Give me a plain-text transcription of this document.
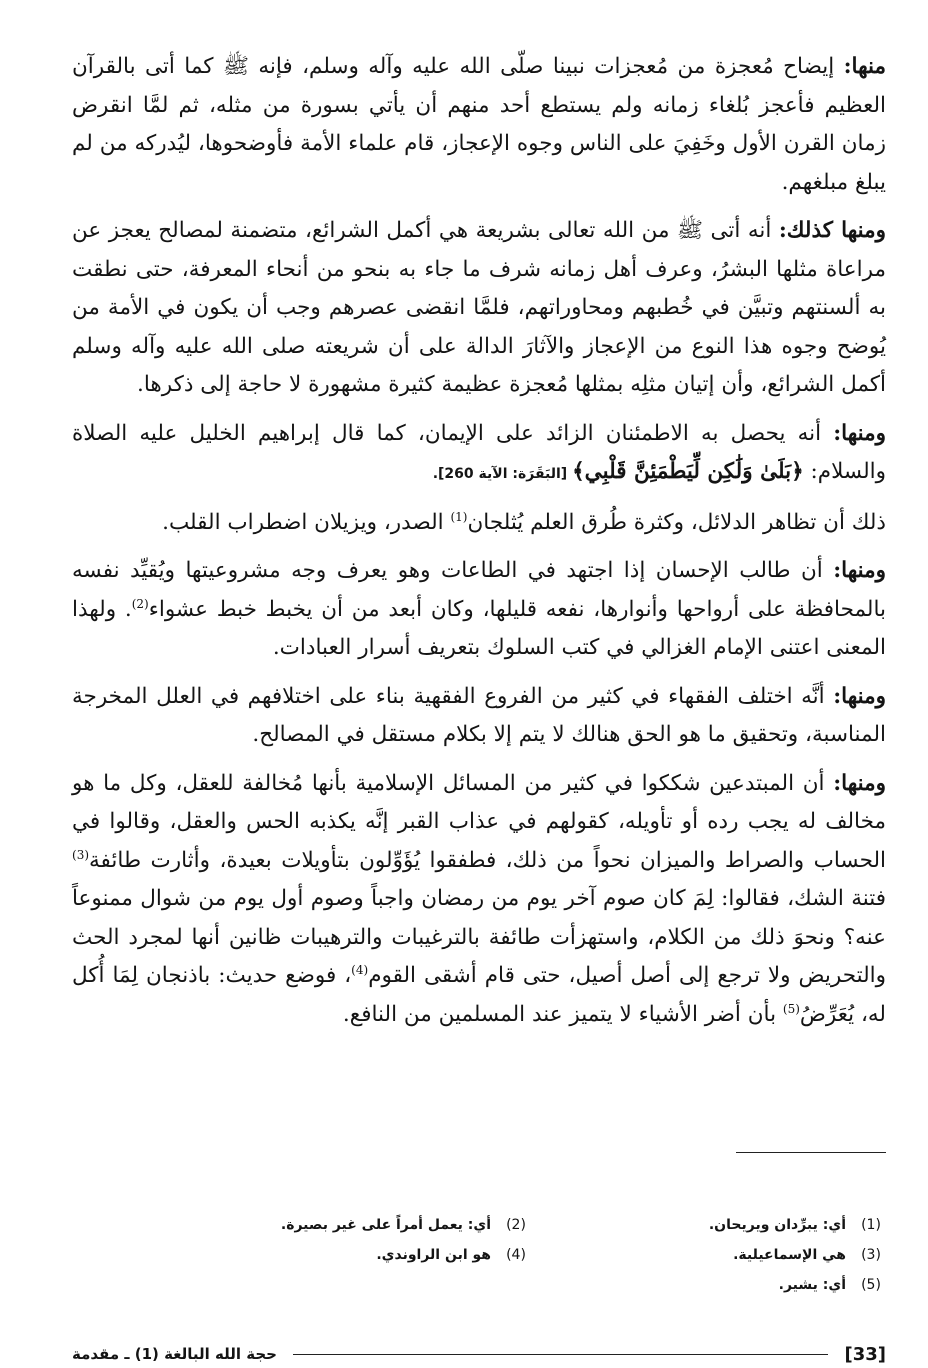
منها: إيضاح مُعجزة من مُعجزات نبينا صلّى الله عليه وآله وسلم، فإنه ﷺ كما أتى بالقرآن العظيم فأعجز بُلغاء زمانه ولم يستطع أحد منهم أن يأتي بسورة من مثله، ثم لمَّا انقرض زمان القرن الأول وخَفِيَ على الناس وجوه الإعجاز، قام علماء الأمة فأوضحوها، ليُدركه من لم يبلغ مبلغهم.

ومنها كذلك: أنه أتى ﷺ من الله تعالى بشريعة هي أكمل الشرائع، متضمنة لمصالح يعجز عن مراعاة مثلها البشرُ، وعرف أهل زمانه شرف ما جاء به بنحو من أنحاء المعرفة، حتى نطقت به ألسنتهم وتبيَّن في خُطبهم ومحاوراتهم، فلمَّا انقضى عصرهم وجب أن يكون في الأمة من يُوضح وجوه هذا النوع من الإعجاز والآثارَ الدالة على أن شريعته صلى الله عليه وآله وسلم أكمل الشرائع، وأن إتيان مثلِه بمثلها مُعجزة عظيمة كثيرة مشهورة لا حاجة إلى ذكرها.

ومنها: أنه يحصل به الاطمئنان الزائد على الإيمان، كما قال إبراهيم الخليل عليه الصلاة والسلام: ﴿بَلَىٰ وَلَٰكِن لِّيَطْمَئِنَّ قَلْبِي﴾ [البَقَرَة: الآية 260].

ذلك أن تظاهر الدلائل، وكثرة طُرق العلم يُثلجان$^{(1)}$ الصدر، ويزيلان اضطراب القلب.

ومنها: أن طالب الإحسان إذا اجتهد في الطاعات وهو يعرف وجه مشروعيتها ويُقيِّد نفسه بالمحافظة على أرواحها وأنوارها، نفعه قليلها، وكان أبعد من أن يخبط خبط عشواء$^{(2)}$. ولهذا المعنى اعتنى الإمام الغزالي في كتب السلوك بتعريف أسرار العبادات.

ومنها: أنَّه اختلف الفقهاء في كثير من الفروع الفقهية بناء على اختلافهم في العلل المخرجة المناسبة، وتحقيق ما هو الحق هنالك لا يتم إلا بكلام مستقل في المصالح.

ومنها: أن المبتدعين شككوا في كثير من المسائل الإسلامية بأنها مُخالفة للعقل، وكل ما هو مخالف له يجب رده أو تأويله، كقولهم في عذاب القبر إنَّه يكذبه الحس والعقل، وقالوا في الحساب والصراط والميزان نحواً من ذلك، فطفقوا يُؤَوِّلون بتأويلات بعيدة، وأثارت طائفة$^{(3)}$ فتنة الشك، فقالوا: لِمَ كان صوم آخر يوم من رمضان واجباً وصوم أول يوم من شوال ممنوعاً عنه؟ ونحوَ ذلك من الكلام، واستهزأت طائفة بالترغيبات والترهيبات ظانين أنها لمجرد الحث والتحريض ولا ترجع إلى أصل أصيل، حتى قام أشقى القوم$^{(4)}$، فوضع حديث: باذنجان لِمَا أُكل له، يُعَرِّضُ$^{(5)}$ بأن أضر الأشياء لا يتميز عند المسلمين من النافع.

(1)
أي: يبرِّدان ويريحان.
(3)
هي الإسماعيلية.
(5)
أي: يشير.
(2)
أي: يعمل أمراً على غير بصيرة.
(4)
هو ابن الراوندي.
[33]
حجة الله البالغة (1) ـ مقدمة
